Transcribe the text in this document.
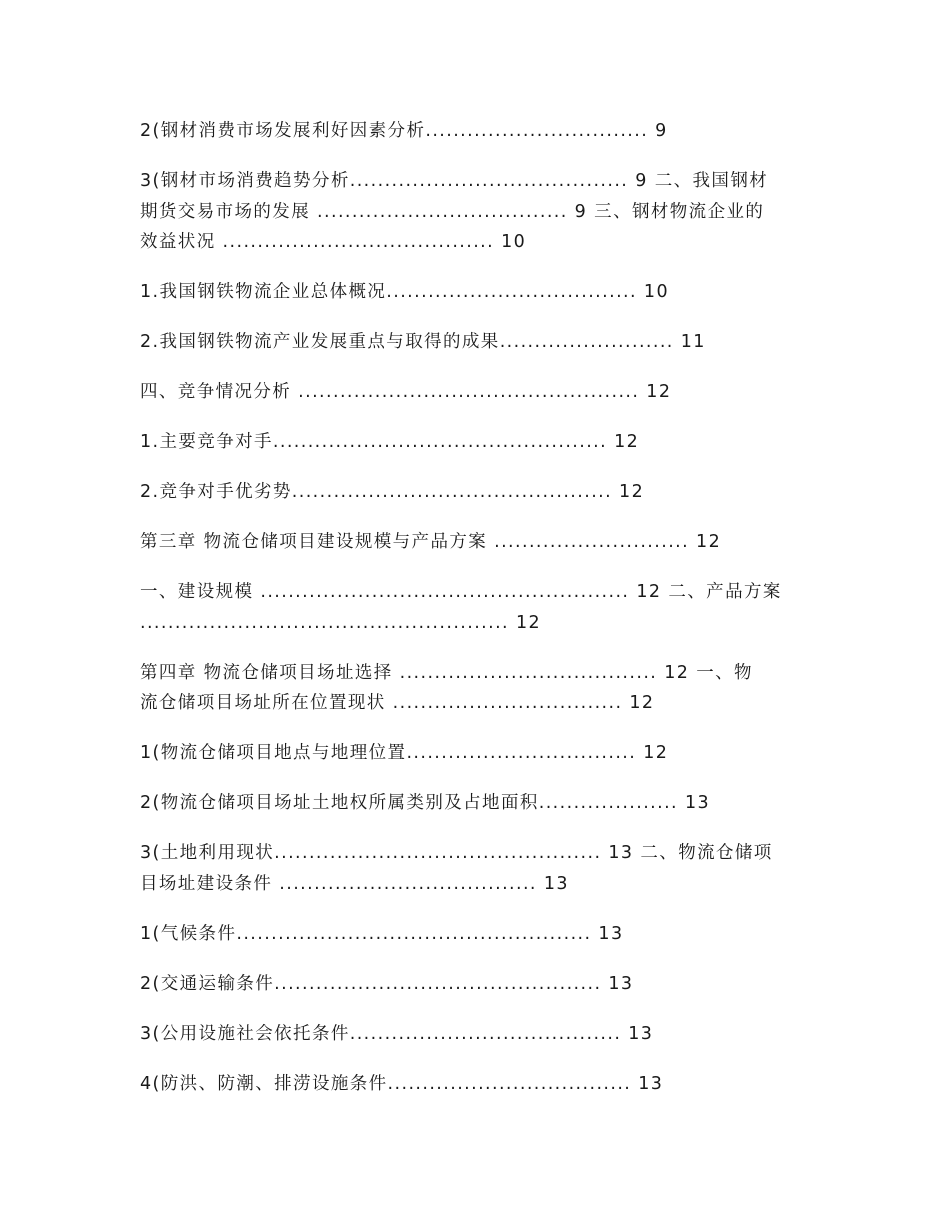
2(钢材消费市场发展利好因素分析................................ 9
3(钢材市场消费趋势分析........................................ 9 二、我国钢材
期货交易市场的发展 .................................... 9 三、钢材物流企业的
效益状况 ....................................... 10
1.我国钢铁物流企业总体概况.................................... 10
2.我国钢铁物流产业发展重点与取得的成果......................... 11
四、竞争情况分析 ................................................. 12
1.主要竞争对手................................................ 12
2.竞争对手优劣势.............................................. 12
第三章 物流仓储项目建设规模与产品方案 ............................ 12
一、建设规模 ..................................................... 12 二、产品方案
..................................................... 12
第四章 物流仓储项目场址选择 ..................................... 12 一、物
流仓储项目场址所在位置现状 ................................. 12
1(物流仓储项目地点与地理位置................................. 12
2(物流仓储项目场址土地权所属类别及占地面积.................... 13
3(土地利用现状............................................... 13 二、物流仓储项
目场址建设条件 ..................................... 13
1(气候条件................................................... 13
2(交通运输条件............................................... 13
3(公用设施社会依托条件....................................... 13
4(防洪、防潮、排涝设施条件................................... 13
